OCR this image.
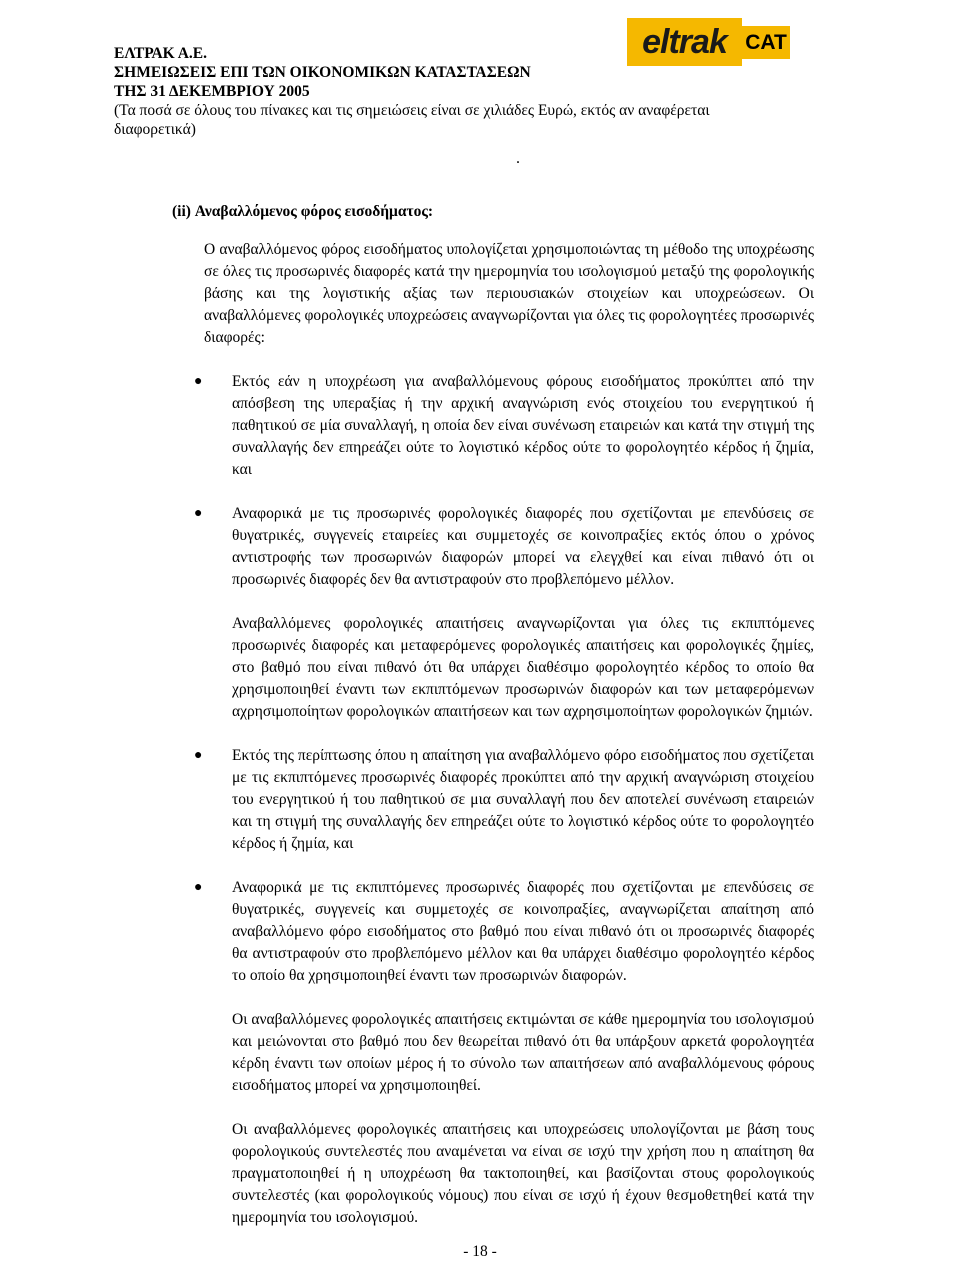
ΕΛΤΡΑΚ Α.Ε.
ΣΗΜΕΙΩΣΕΙΣ ΕΠΙ ΤΩΝ ΟΙΚΟΝΟΜΙΚΩΝ ΚΑΤΑΣΤΑΣΕΩΝ
ΤΗΣ 31 ΔΕΚΕΜΒΡΙΟΥ 2005
(Τα ποσά σε όλους του πίνακες και τις σημειώσεις είναι σε χιλιάδες Ευρώ, εκτός αν αναφέρεται διαφορετικά)
eltrak CAT
.
(ii) Αναβαλλόμενος φόρος εισοδήματος:
Ο αναβαλλόμενος φόρος εισοδήματος υπολογίζεται χρησιμοποιώντας τη μέθοδο της υποχρέωσης σε όλες τις προσωρινές διαφορές κατά την ημερομηνία του ισολογισμού μεταξύ της φορολογικής βάσης και της λογιστικής αξίας των περιουσιακών στοιχείων και υποχρεώσεων. Οι αναβαλλόμενες φορολογικές υποχρεώσεις αναγνωρίζονται για όλες τις φορολογητέες προσωρινές διαφορές:
● Εκτός εάν η υποχρέωση για αναβαλλόμενους φόρους εισοδήματος προκύπτει από την απόσβεση της υπεραξίας ή την αρχική αναγνώριση ενός στοιχείου του ενεργητικού ή παθητικού σε μία συναλλαγή, η οποία δεν είναι συνένωση εταιρειών και κατά την στιγμή της συναλλαγής δεν επηρεάζει ούτε το λογιστικό κέρδος ούτε το φορολογητέο κέρδος ή ζημία, και
● Αναφορικά με τις προσωρινές φορολογικές διαφορές που σχετίζονται με επενδύσεις σε θυγατρικές, συγγενείς εταιρείες και συμμετοχές σε κοινοπραξίες εκτός όπου ο χρόνος αντιστροφής των προσωρινών διαφορών μπορεί να ελεγχθεί και είναι πιθανό ότι οι προσωρινές διαφορές δεν θα αντιστραφούν στο προβλεπόμενο μέλλον.
Αναβαλλόμενες φορολογικές απαιτήσεις αναγνωρίζονται για όλες τις εκπιπτόμενες προσωρινές διαφορές και μεταφερόμενες φορολογικές απαιτήσεις και φορολογικές ζημίες, στο βαθμό που είναι πιθανό ότι θα υπάρχει διαθέσιμο φορολογητέο κέρδος το οποίο θα χρησιμοποιηθεί έναντι των εκπιπτόμενων προσωρινών διαφορών και των μεταφερόμενων αχρησιμοποίητων φορολογικών απαιτήσεων και των αχρησιμοποίητων φορολογικών ζημιών.
● Εκτός της περίπτωσης όπου η απαίτηση για αναβαλλόμενο φόρο εισοδήματος που σχετίζεται με τις εκπιπτόμενες προσωρινές διαφορές προκύπτει από την αρχική αναγνώριση στοιχείου του ενεργητικού ή του παθητικού σε μια συναλλαγή που δεν αποτελεί συνένωση εταιρειών και τη στιγμή της συναλλαγής δεν επηρεάζει ούτε το λογιστικό κέρδος ούτε το φορολογητέο κέρδος ή ζημία, και
● Αναφορικά με τις εκπιπτόμενες προσωρινές διαφορές που σχετίζονται με επενδύσεις σε θυγατρικές, συγγενείς και συμμετοχές σε κοινοπραξίες, αναγνωρίζεται απαίτηση από αναβαλλόμενο φόρο εισοδήματος στο βαθμό που είναι πιθανό ότι οι προσωρινές διαφορές θα αντιστραφούν στο προβλεπόμενο μέλλον και θα υπάρχει διαθέσιμο φορολογητέο κέρδος το οποίο θα χρησιμοποιηθεί έναντι των προσωρινών διαφορών.
Οι αναβαλλόμενες φορολογικές απαιτήσεις εκτιμώνται σε κάθε ημερομηνία του ισολογισμού και μειώνονται στο βαθμό που δεν θεωρείται πιθανό ότι θα υπάρξουν αρκετά φορολογητέα κέρδη έναντι των οποίων μέρος ή το σύνολο των απαιτήσεων από αναβαλλόμενους φόρους εισοδήματος μπορεί να χρησιμοποιηθεί.
Οι αναβαλλόμενες φορολογικές απαιτήσεις και υποχρεώσεις υπολογίζονται με βάση τους φορολογικούς συντελεστές που αναμένεται να είναι σε ισχύ την χρήση που η απαίτηση θα πραγματοποιηθεί ή η υποχρέωση θα τακτοποιηθεί, και βασίζονται στους φορολογικούς συντελεστές (και φορολογικούς νόμους) που είναι σε ισχύ ή έχουν θεσμοθετηθεί κατά την ημερομηνία του ισολογισμού.
- 18 -
